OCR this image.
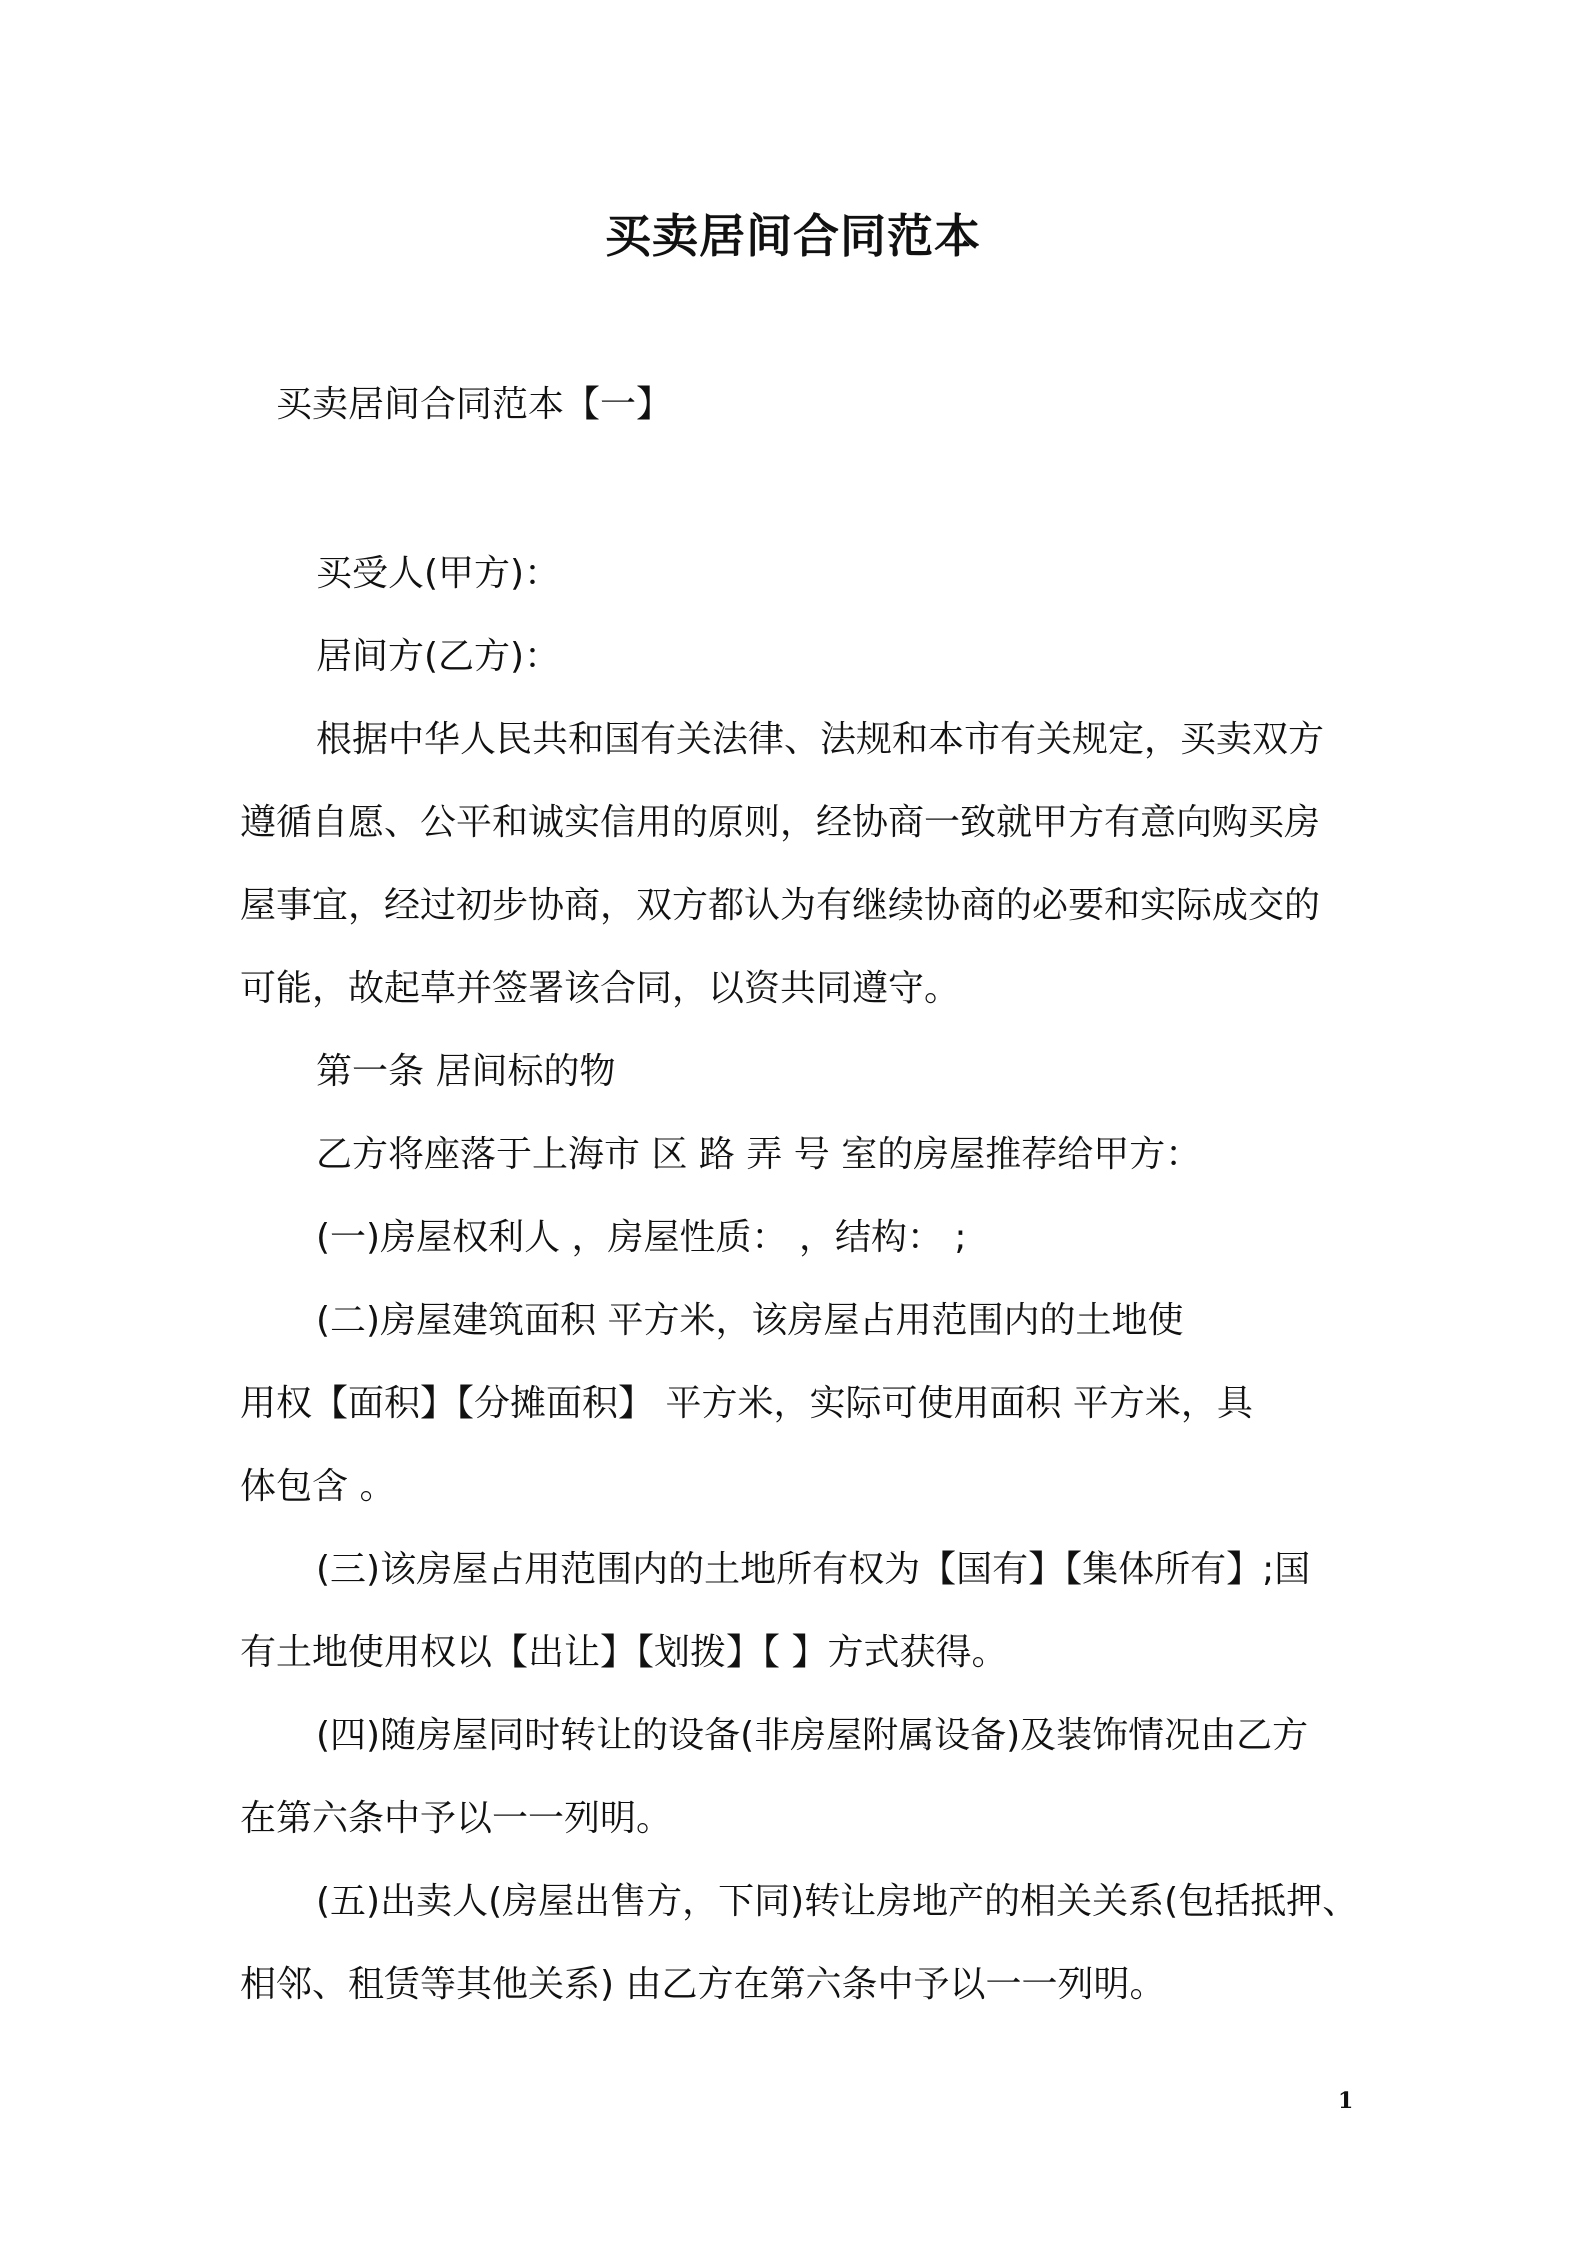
买卖居间合同范本
买卖居间合同范本【一】
买受人(甲方)：
居间方(乙方)：
根据中华人民共和国有关法律、法规和本市有关规定，买卖双方
遵循自愿、公平和诚实信用的原则，经协商一致就甲方有意向购买房
屋事宜，经过初步协商，双方都认为有继续协商的必要和实际成交的
可能，故起草并签署该合同，以资共同遵守。
第一条 居间标的物
乙方将座落于上海市 区 路 弄 号 室的房屋推荐给甲方：
(一)房屋权利人 ，房屋性质： ，结构： ;
(二)房屋建筑面积 平方米，该房屋占用范围内的土地使
用权【面积】【分摊面积】 平方米，实际可使用面积 平方米，具
体包含 。
(三)该房屋占用范围内的土地所有权为【国有】【集体所有】;国
有土地使用权以【出让】【划拨】【 】方式获得。
(四)随房屋同时转让的设备(非房屋附属设备)及装饰情况由乙方
在第六条中予以一一列明。
(五)出卖人(房屋出售方，下同)转让房地产的相关关系(包括抵押、
相邻、租赁等其他关系) 由乙方在第六条中予以一一列明。
1
